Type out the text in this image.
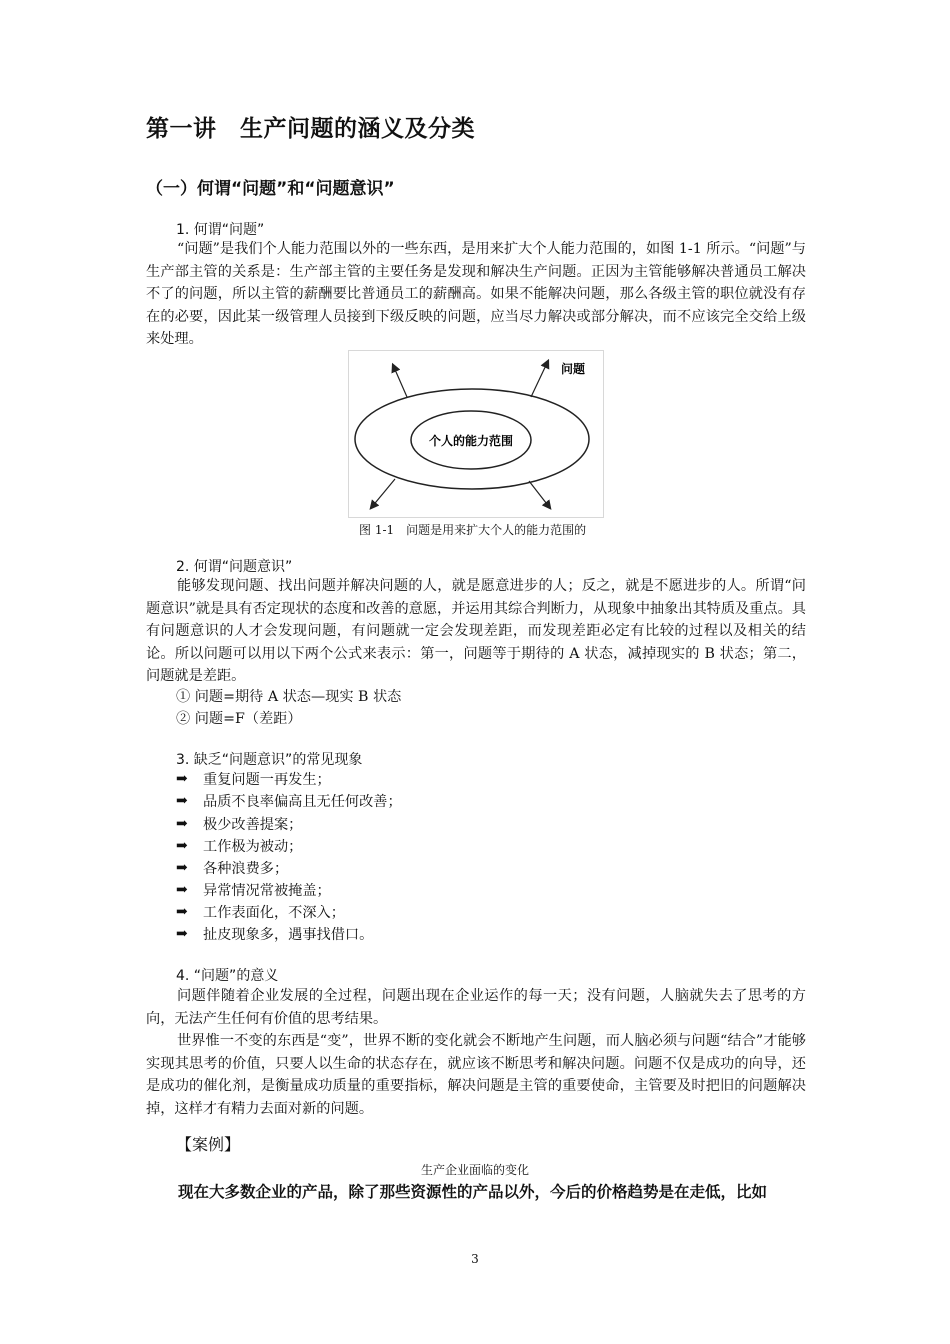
第一讲　生产问题的涵义及分类
（一）何谓“问题”和“问题意识”
1. 何谓“问题”

“问题”是我们个人能力范围以外的一些东西，是用来扩大个人能力范围的，如图 1-1 所示。“问题”与生产部主管的关系是：生产部主管的主要任务是发现和解决生产问题。正因为主管能够解决普通员工解决不了的问题，所以主管的薪酬要比普通员工的薪酬高。如果不能解决问题，那么各级主管的职位就没有存在的必要，因此某一级管理人员接到下级反映的问题，应当尽力解决或部分解决，而不应该完全交给上级来处理。

个人的能力范围
问题
图 1-1　问题是用来扩大个人的能力范围的
2. 何谓“问题意识”

能够发现问题、找出问题并解决问题的人，就是愿意进步的人；反之，就是不愿进步的人。所谓“问题意识”就是具有否定现状的态度和改善的意愿，并运用其综合判断力，从现象中抽象出其特质及重点。具有问题意识的人才会发现问题，有问题就一定会发现差距，而发现差距必定有比较的过程以及相关的结论。所以问题可以用以下两个公式来表示：第一，问题等于期待的 A 状态，减掉现实的 B 状态；第二，问题就是差距。

① 问题=期待 A 状态—现实 B 状态
② 问题=F（差距）
3. 缺乏“问题意识”的常见现象
➡ 重复问题一再发生；
➡ 品质不良率偏高且无任何改善；
➡ 极少改善提案；
➡ 工作极为被动；
➡ 各种浪费多；
➡ 异常情况常被掩盖；
➡ 工作表面化，不深入；
➡ 扯皮现象多，遇事找借口。
4. “问题”的意义

问题伴随着企业发展的全过程，问题出现在企业运作的每一天；没有问题，人脑就失去了思考的方向，无法产生任何有价值的思考结果。

世界惟一不变的东西是“变”，世界不断的变化就会不断地产生问题，而人脑必须与问题“结合”才能够实现其思考的价值，只要人以生命的状态存在，就应该不断思考和解决问题。问题不仅是成功的向导，还是成功的催化剂，是衡量成功质量的重要指标，解决问题是主管的重要使命，主管要及时把旧的问题解决掉，这样才有精力去面对新的问题。

【案例】
生产企业面临的变化
现在大多数企业的产品，除了那些资源性的产品以外，今后的价格趋势是在走低，比如
3
